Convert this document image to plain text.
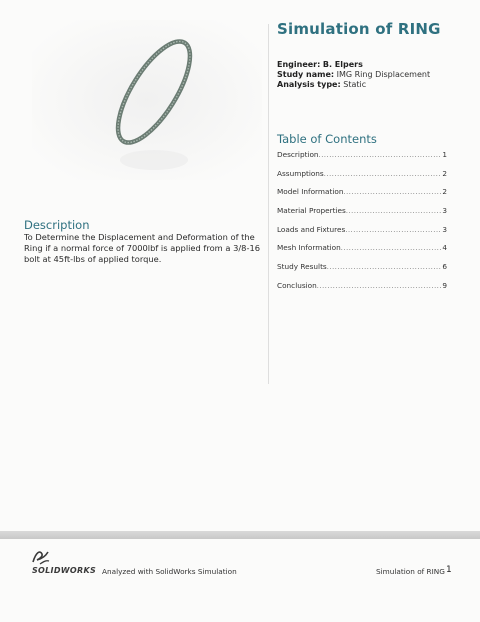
Simulation of RING
Engineer: B. Elpers
Study name: IMG Ring Displacement
Analysis type: Static
Table of Contents
Description .....	1
Assumptions .....	2
Model Information .....	2
Material Properties .....	3
Loads and Fixtures .....	3
Mesh Information .....	4
Study Results .....	6
Conclusion .....	9
Description
To Determine the Displacement and Deformation of the Ring if a normal force of 7000lbf is applied from a 3/8-16 bolt at 45ft-lbs of applied torque.
SOLIDWORKS Analyzed with SolidWorks Simulation	Simulation of RING 1
